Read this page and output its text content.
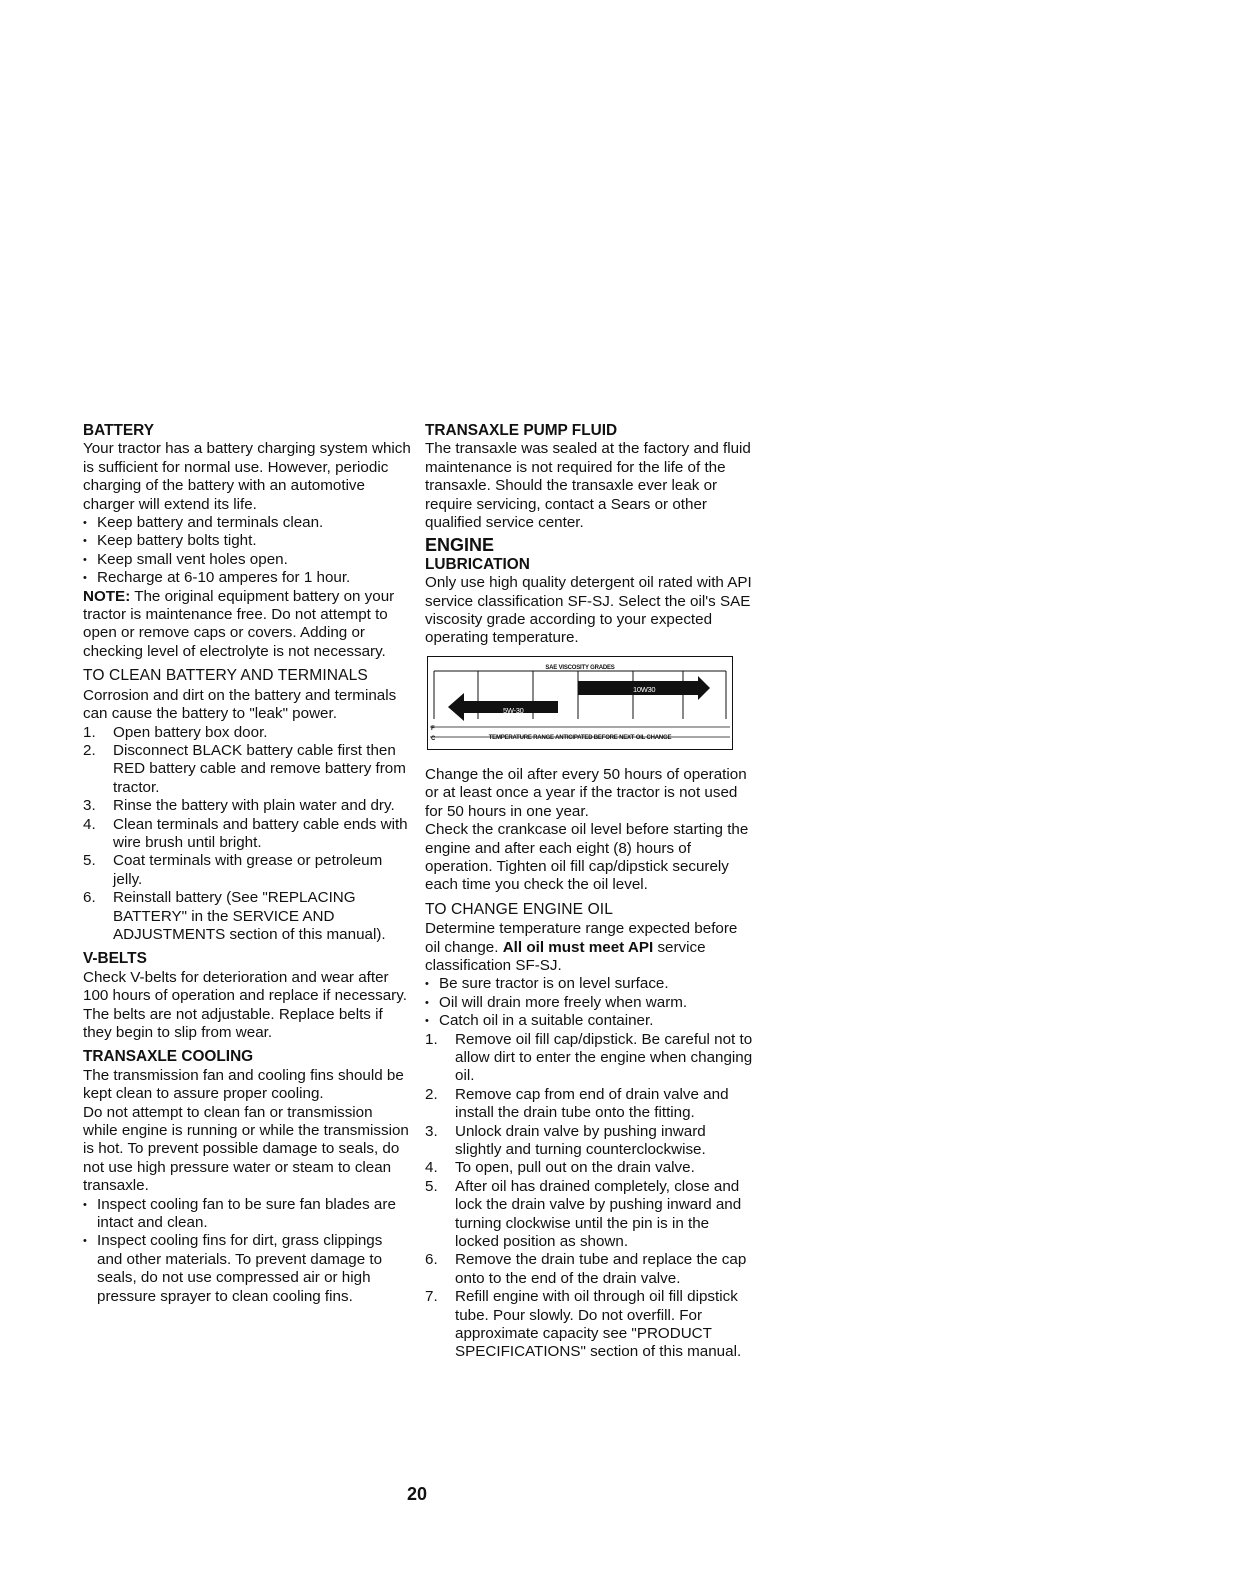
BATTERY

Your tractor has a battery charging system which is sufficient for normal use. However, periodic charging of the battery with an automotive charger will extend its life.

• Keep battery and terminals clean.
• Keep battery bolts tight.
• Keep small vent holes open.
• Recharge at 6-10 amperes for 1 hour.

NOTE: The original equipment battery on your tractor is maintenance free. Do not attempt to open or remove caps or covers. Adding or checking level of electrolyte is not necessary.

TO CLEAN BATTERY AND TERMINALS

Corrosion and dirt on the battery and terminals can cause the battery to "leak" power.

1.	Open battery box door.
2.	Disconnect BLACK battery cable first then RED battery cable and remove battery from tractor.
3.	Rinse the battery with plain water and dry.
4.	Clean terminals and battery cable ends with wire brush until bright.
5.	Coat terminals with grease or petroleum jelly.
6.	Reinstall battery (See "REPLACING BATTERY" in the SERVICE AND ADJUSTMENTS section of this manual).
V-BELTS

Check V-belts for deterioration and wear after 100 hours of operation and replace if necessary. The belts are not adjustable. Replace belts if they begin to slip from wear.

TRANSAXLE COOLING

The transmission fan and cooling fins should be kept clean to assure proper cooling.

Do not attempt to clean fan or transmission while engine is running or while the transmission is hot. To prevent possible damage to seals, do not use high pressure water or steam to clean transaxle.

• Inspect cooling fan to be sure fan blades are intact and clean.
• Inspect cooling fins for dirt, grass clippings and other materials. To prevent damage to seals, do not use compressed air or high pressure sprayer to clean cooling fins.
TRANSAXLE PUMP FLUID

The transaxle was sealed at the factory and fluid maintenance is not required for the life of the transaxle. Should the transaxle ever leak or require servicing, contact a Sears or other qualified service center.

ENGINE
LUBRICATION

Only use high quality detergent oil rated with API service classification SF-SJ. Select the oil's SAE viscosity grade according to your expected operating temperature.

SAE VISCOSITY GRADES
10W30
5W-30
F
C	TEMPERATURE RANGE ANTICIPATED BEFORE NEXT OIL CHANGE

Change the oil after every 50 hours of operation or at least once a year if the tractor is not used for 50 hours in one year.

Check the crankcase oil level before starting the engine and after each eight (8) hours of operation. Tighten oil fill cap/dipstick securely each time you check the oil level.

TO CHANGE ENGINE OIL

Determine temperature range expected before oil change. All oil must meet API service classification SF-SJ.

• Be sure tractor is on level surface.
• Oil will drain more freely when warm.
• Catch oil in a suitable container.
1.	Remove oil fill cap/dipstick. Be careful not to allow dirt to enter the engine when changing oil.
2.	Remove cap from end of drain valve and install the drain tube onto the fitting.
3.	Unlock drain valve by pushing inward slightly and turning counterclockwise.
4.	To open, pull out on the drain valve.
5.	After oil has drained completely, close and lock the drain valve by pushing inward and turning clockwise until the pin is in the locked position as shown.
6.	Remove the drain tube and replace the cap onto to the end of the drain valve.
7.	Refill engine with oil through oil fill dipstick tube. Pour slowly. Do not overfill. For approximate capacity see "PRODUCT SPECIFICATIONS" section of this manual.
20
